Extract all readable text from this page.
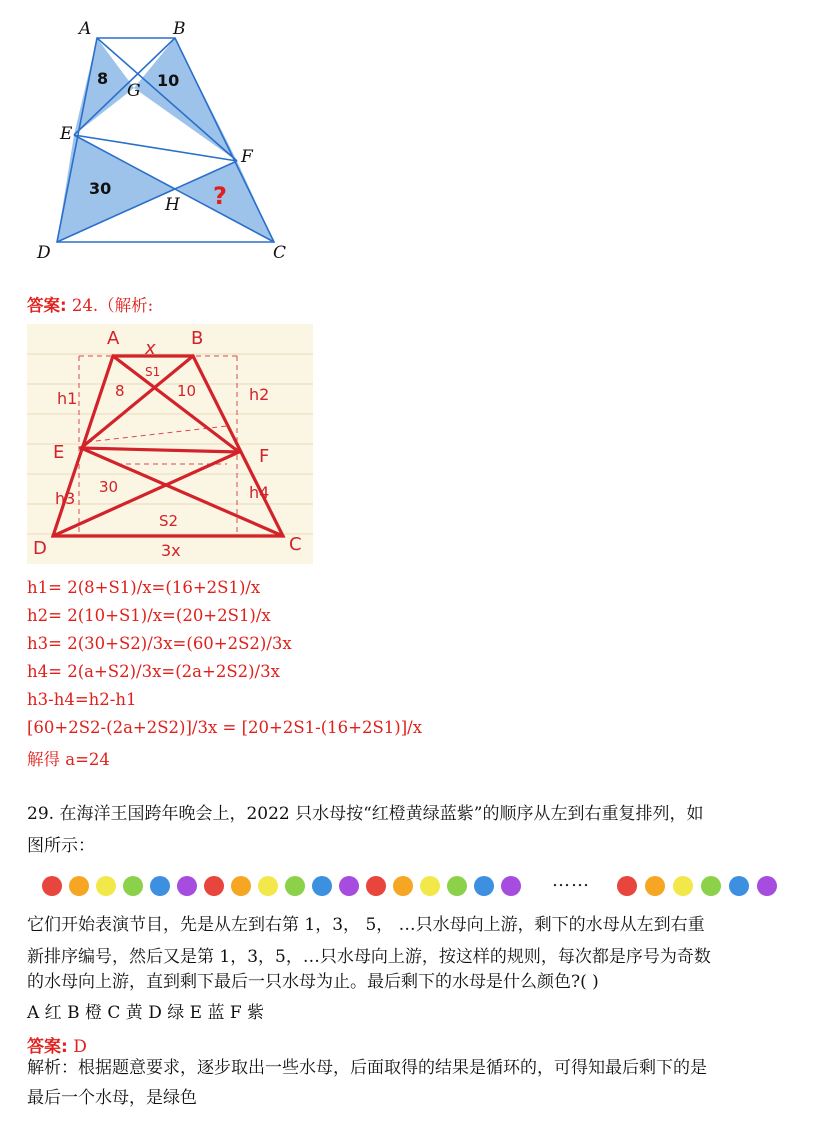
A	B
G
E
F
H
D	C
8	10
30	?
答案: 24.（解析:
A	B
x
S1
h1	8	10	h2
E	F
h3
30	h4
S2
D	C
3x
h1= 2(8+S1)/x=(16+2S1)/x
h2= 2(10+S1)/x=(20+2S1)/x
h3= 2(30+S2)/3x=(60+2S2)/3x
h4= 2(a+S2)/3x=(2a+2S2)/3x
h3-h4=h2-h1
[60+2S2-(2a+2S2)]/3x = [20+2S1-(16+2S1)]/x
解得 a=24
29. 在海洋王国跨年晚会上，2022 只水母按“红橙黄绿蓝紫”的顺序从左到右重复排列，如
图所示：
……
它们开始表演节目，先是从左到右第 1，3， 5， …只水母向上游，剩下的水母从左到右重
新排序编号，然后又是第 1，3，5，…只水母向上游，按这样的规则，每次都是序号为奇数
的水母向上游，直到剩下最后一只水母为止。最后剩下的水母是什么颜色?( )
A 红 B 橙 C 黄 D 绿 E 蓝 F 紫
答案: D
解析：根据题意要求，逐步取出一些水母，后面取得的结果是循环的，可得知最后剩下的是
最后一个水母，是绿色
